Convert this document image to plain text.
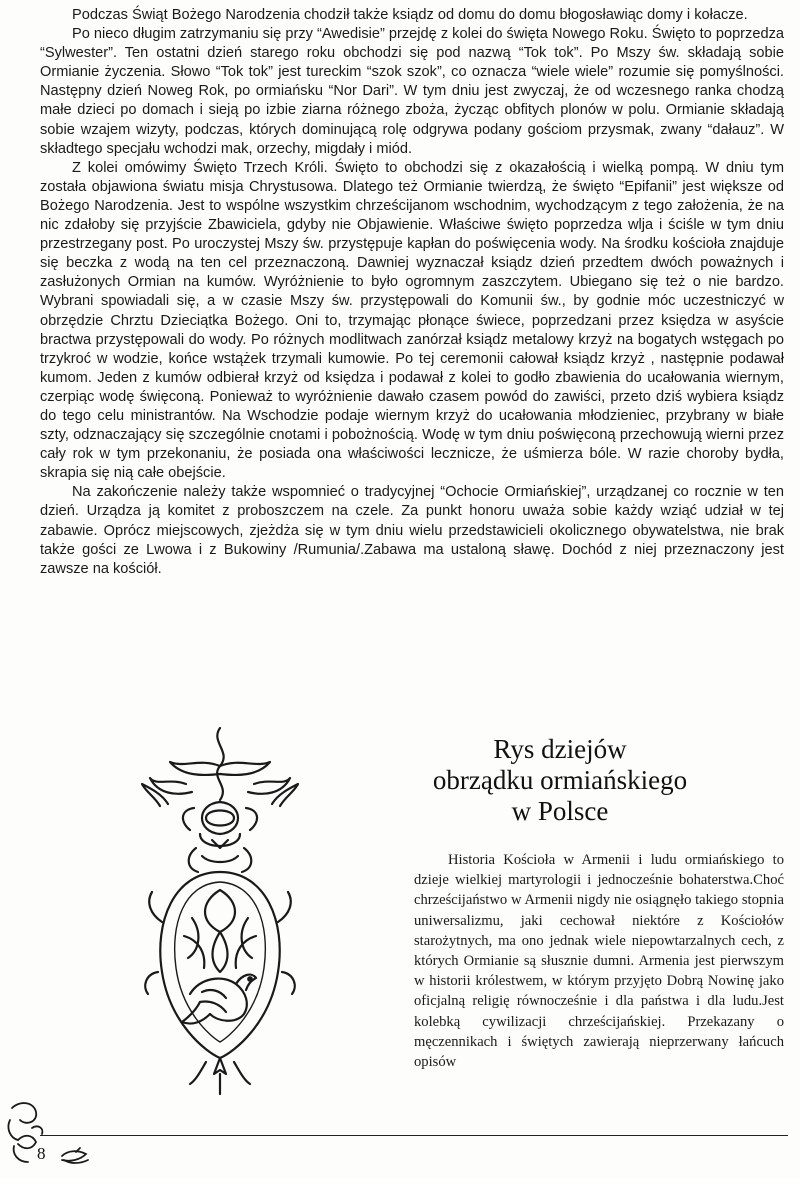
Podczas Świąt Bożego Narodzenia chodził także ksiądz od domu do domu błogosławiąc domy i kołacze.

Po nieco długim zatrzymaniu się przy “Awedisie” przejdę z kolei do święta Nowego Roku. Święto to poprzedza “Sylwester”. Ten ostatni dzień starego roku obchodzi się pod nazwą “Tok tok”. Po Mszy św. składają sobie Ormianie życzenia. Słowo “Tok tok” jest tureckim “szok szok”, co oznacza “wiele wiele” rozumie się pomyślności. Następny dzień Noweg Rok, po ormiańsku “Nor Dari”. W tym dniu jest zwyczaj, że od wczesnego ranka chodzą małe dzieci po domach i sieją po izbie ziarna różnego zboża, życząc obfitych plonów w polu. Ormianie składają sobie wzajem wizyty, podczas, których dominującą rolę odgrywa podany gościom przysmak, zwany “dałauz”. W składtego specjału wchodzi mak, orzechy, migdały i miód.

Z kolei omówimy Święto Trzech Króli. Święto to obchodzi się z okazałością i wielką pompą. W dniu tym została objawiona światu misja Chrystusowa. Dlatego też Ormianie twierdzą, że święto “Epifanii” jest większe od Bożego Narodzenia. Jest to wspólne wszystkim chrześcijanom wschodnim, wychodzącym z tego założenia, że na nic zdałoby się przyjście Zbawiciela, gdyby nie Objawienie. Właściwe święto poprzedza wlja i ściśle w tym dniu przestrzegany post. Po uroczystej Mszy św. przystępuje kapłan do poświęcenia wody. Na środku kościoła znajduje się beczka z wodą na ten cel przeznaczoną. Dawniej wyznaczał ksiądz dzień przedtem dwóch poważnych i zasłużonych Ormian na kumów. Wyróżnienie to było ogromnym zaszczytem. Ubiegano się też o nie bardzo. Wybrani spowiadali się, a w czasie Mszy św. przystępowali do Komunii św., by godnie móc uczestniczyć w obrzędzie Chrztu Dzieciątka Bożego. Oni to, trzymając płonące świece, poprzedzani przez księdza w asyście bractwa przystępowali do wody. Po różnych modlitwach zanórzał ksiądz metalowy krzyż na bogatych wstęgach po trzykroć w wodzie, końce wstążek trzymali kumowie. Po tej ceremonii całował ksiądz krzyż , następnie podawał kumom. Jeden z kumów odbierał krzyż od księdza i podawał z kolei to godło zbawienia do ucałowania wiernym, czerpiąc wodę święconą. Ponieważ to wyróżnienie dawało czasem powód do zawiści, przeto dziś wybiera ksiądz do tego celu ministrantów. Na Wschodzie podaje wiernym krzyż do ucałowania młodzieniec, przybrany w białe szty, odznaczający się szczególnie cnotami i pobożnością. Wodę w tym dniu poświęconą przechowują wierni przez cały rok w tym przekonaniu, że posiada ona właściwości lecznicze, że uśmierza bóle. W razie choroby bydła, skrapia się nią całe obejście.

Na zakończenie należy także wspomnieć o tradycyjnej “Ochocie Ormiańskiej”, urządzanej co rocznie w ten dzień. Urządza ją komitet z proboszczem na czele. Za punkt honoru uważa sobie każdy wziąć udział w tej zabawie. Oprócz miejscowych, zjeżdża się w tym dniu wielu przedstawicieli okolicznego obywatelstwa, nie brak także gości ze Lwowa i z Bukowiny /Rumunia/.Zabawa ma ustaloną sławę. Dochód z niej przeznaczony jest zawsze na kościół.

Rys dziejów
obrządku ormiańskiego
w Polsce

Historia Kościoła w Armenii i ludu ormiańskiego to dzieje wielkiej martyrologii i jednocześnie bohaterstwa.Choć chrześcijaństwo w Armenii nigdy nie osiągnęło takiego stopnia uniwersalizmu, jaki cechował niektóre z Kościołów starożytnych, ma ono jednak wiele niepowtarzalnych cech, z których Ormianie są słusznie dumni. Armenia jest pierwszym w historii królestwem, w którym przyjęto Dobrą Nowinę jako oficjalną religię równocześnie i dla państwa i dla ludu.Jest kolebką cywilizacji chrześcijańskiej. Przekazany o męczennikach i świętych zawierają nieprzerwany łańcuch opisów

8
